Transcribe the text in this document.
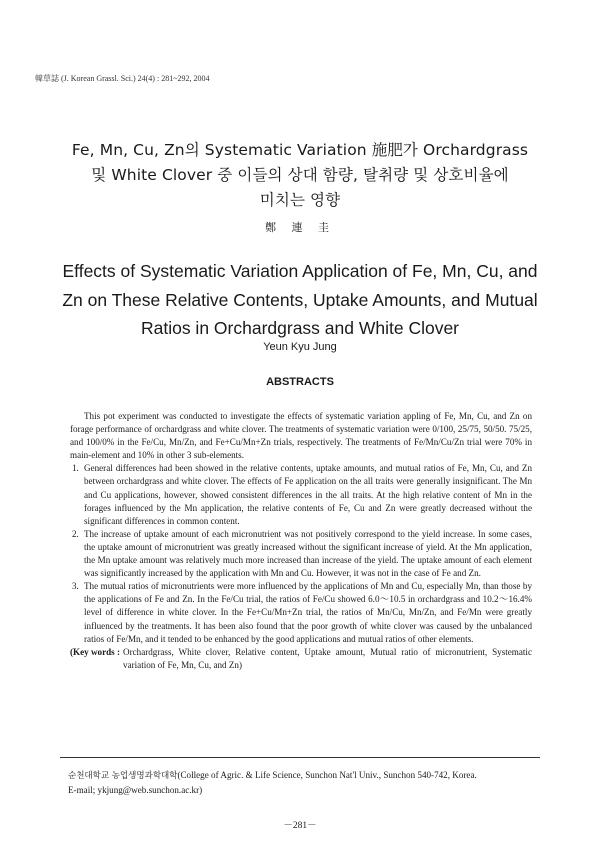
韓草誌 (J. Korean Grassl. Sci.) 24(4) : 281~292, 2004
Fe, Mn, Cu, Zn의 Systematic Variation 施肥가 Orchardgrass
및 White Clover 중 이들의 상대 함량, 탈취량 및 상호비율에
미치는 영향
鄭 連 圭
Effects of Systematic Variation Application of Fe, Mn, Cu, and
Zn on These Relative Contents, Uptake Amounts, and Mutual
Ratios in Orchardgrass and White Clover
Yeun Kyu Jung
ABSTRACTS

This pot experiment was conducted to investigate the effects of systematic variation appling of Fe, Mn, Cu, and Zn on forage performance of orchardgrass and white clover. The treatments of systematic variation were 0/100, 25/75, 50/50. 75/25, and 100/0% in the Fe/Cu, Mn/Zn, and Fe+Cu/Mn+Zn trials, respectively. The treatments of Fe/Mn/Cu/Zn trial were 70% in main-element and 10% in other 3 sub-elements.

1. General differences had been showed in the relative contents, uptake amounts, and mutual ratios of Fe, Mn, Cu, and Zn between orchardgrass and white clover. The effects of Fe application on the all traits were generally insignificant. The Mn and Cu applications, however, showed consistent differences in the all traits. At the high relative content of Mn in the forages influenced by the Mn application, the relative contents of Fe, Cu and Zn were greatly decreased without the significant differences in common content.
2. The increase of uptake amount of each micronutrient was not positively correspond to the yield increase. In some cases, the uptake amount of micronutrient was greatly increased without the significant increase of yield. At the Mn application, the Mn uptake amount was relatively much more increased than increase of the yield. The uptake amount of each element was significantly increased by the application with Mn and Cu. However, it was not in the case of Fe and Zn.
3. The mutual ratios of micronutrients were more influenced by the applications of Mn and Cu, especially Mn, than those by the applications of Fe and Zn. In the Fe/Cu trial, the ratios of Fe/Cu showed 6.0～10.5 in orchardgrass and 10.2～16.4% level of difference in white clover. In the Fe+Cu/Mn+Zn trial, the ratios of Mn/Cu, Mn/Zn, and Fe/Mn were greatly influenced by the treatments. It has been also found that the poor growth of white clover was caused by the unbalanced ratios of Fe/Mn, and it tended to be enhanced by the good applications and mutual ratios of other elements.
(Key words : Orchardgrass, White clover, Relative content, Uptake amount, Mutual ratio of micronutrient, Systematic variation of Fe, Mn, Cu, and Zn)
순천대학교 농업생명과학대학(College of Agric. & Life Science, Sunchon Nat'l Univ., Sunchon 540-742, Korea.
E-mail; ykjung@web.sunchon.ac.kr)
－281－
